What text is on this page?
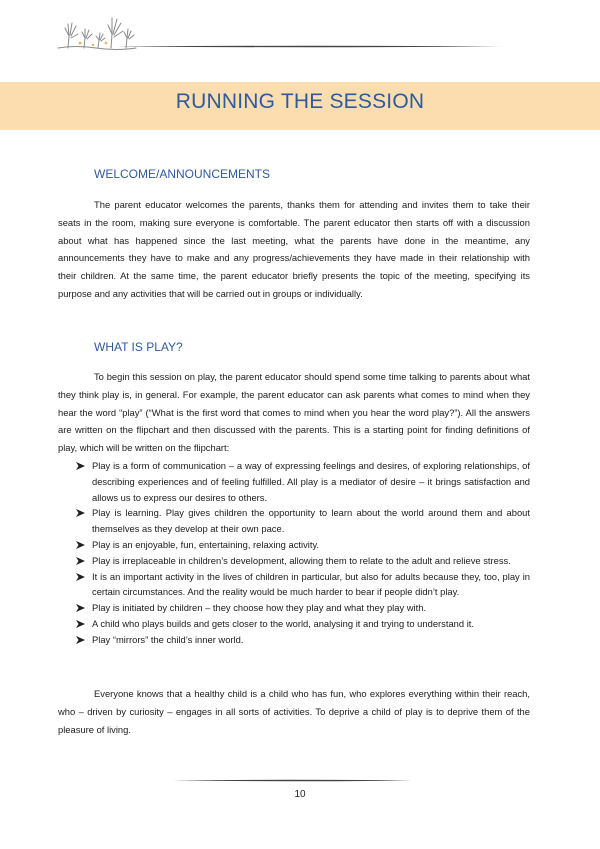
RUNNING THE SESSION
WELCOME/ANNOUNCEMENTS

The parent educator welcomes the parents, thanks them for attending and invites them to take their seats in the room, making sure everyone is comfortable. The parent educator then starts off with a discussion about what has happened since the last meeting, what the parents have done in the meantime, any announcements they have to make and any progress/achievements they have made in their relationship with their children. At the same time, the parent educator briefly presents the topic of the meeting, specifying its purpose and any activities that will be carried out in groups or individually.

WHAT IS PLAY?

To begin this session on play, the parent educator should spend some time talking to parents about what they think play is, in general. For example, the parent educator can ask parents what comes to mind when they hear the word “play” (“What is the first word that comes to mind when you hear the word play?”). All the answers are written on the flipchart and then discussed with the parents. This is a starting point for finding definitions of play, which will be written on the flipchart:

Play is a form of communication – a way of expressing feelings and desires, of exploring relationships, of describing experiences and of feeling fulfilled. All play is a mediator of desire – it brings satisfaction and allows us to express our desires to others.
Play is learning. Play gives children the opportunity to learn about the world around them and about themselves as they develop at their own pace.
Play is an enjoyable, fun, entertaining, relaxing activity.
Play is irreplaceable in children’s development, allowing them to relate to the adult and relieve stress.
It is an important activity in the lives of children in particular, but also for adults because they, too, play in certain circumstances. And the reality would be much harder to bear if people didn’t play.
Play is initiated by children – they choose how they play and what they play with.
A child who plays builds and gets closer to the world, analysing it and trying to understand it.
Play “mirrors” the child’s inner world.

Everyone knows that a healthy child is a child who has fun, who explores everything within their reach, who – driven by curiosity – engages in all sorts of activities. To deprive a child of play is to deprive them of the pleasure of living.

10
